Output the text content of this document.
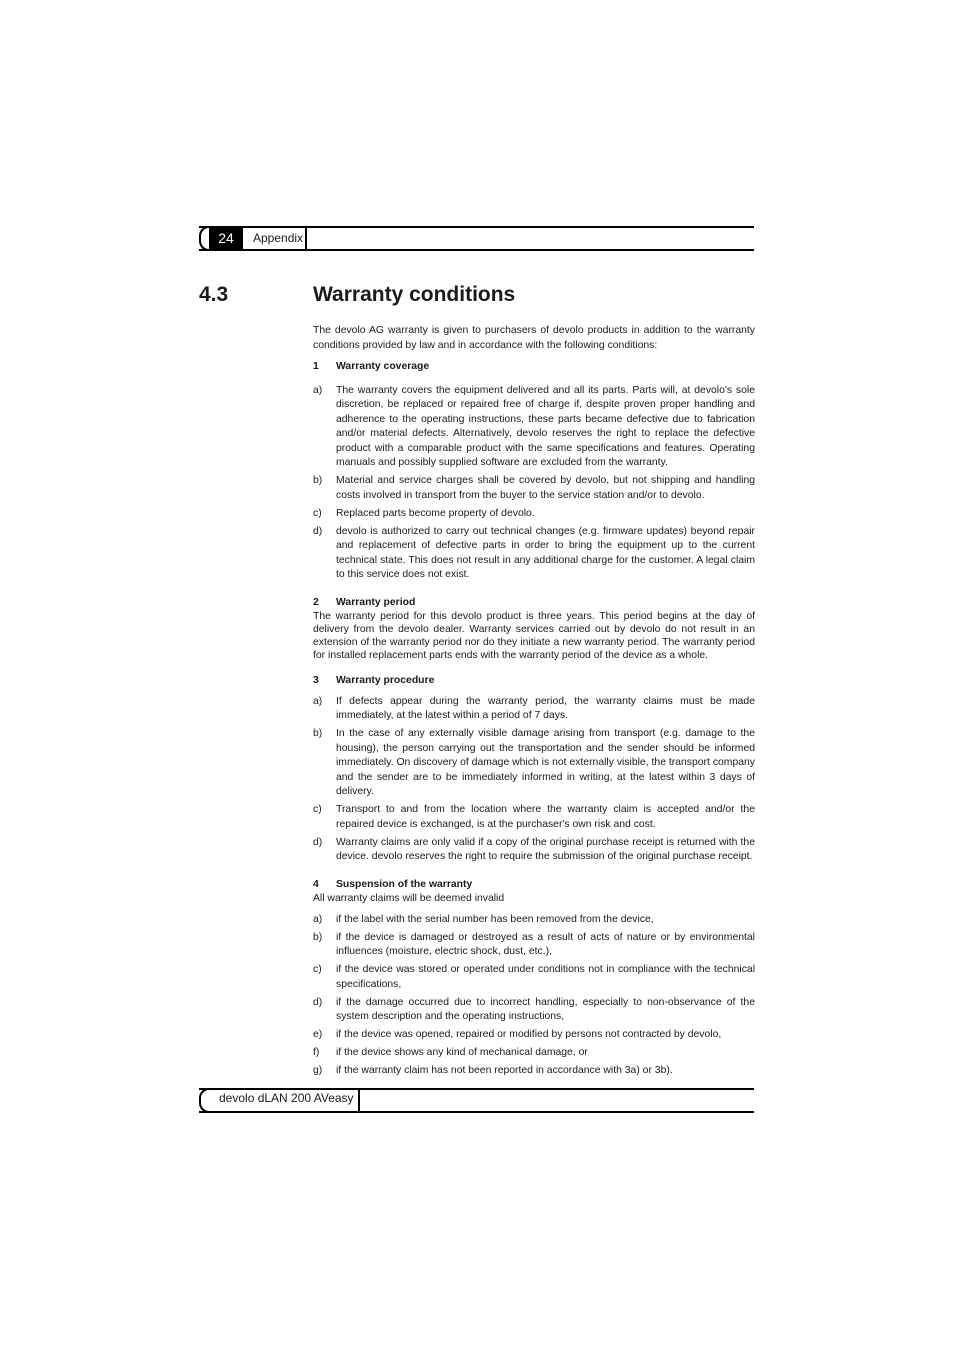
24	Appendix
4.3	Warranty conditions

The devolo AG warranty is given to purchasers of devolo products in addition to the warranty conditions provided by law and in accordance with the following conditions:

1	Warranty coverage
a)	The warranty covers the equipment delivered and all its parts. Parts will, at devolo's sole discretion, be replaced or repaired free of charge if, despite proven proper handling and adherence to the operating instructions, these parts became defective due to fabrication and/or material defects. Alternatively, devolo reserves the right to replace the defective product with a comparable product with the same specifications and features. Operating manuals and possibly supplied software are excluded from the warranty.
b)	Material and service charges shall be covered by devolo, but not shipping and handling costs involved in transport from the buyer to the service station and/or to devolo.
c)	Replaced parts become property of devolo.
d)	devolo is authorized to carry out technical changes (e.g. firmware updates) beyond repair and replacement of defective parts in order to bring the equipment up to the current technical state. This does not result in any additional charge for the customer. A legal claim to this service does not exist.
2	Warranty period

The warranty period for this devolo product is three years. This period begins at the day of delivery from the devolo dealer. Warranty services carried out by devolo do not result in an extension of the warranty period nor do they initiate a new warranty period. The warranty period for installed replacement parts ends with the warranty period of the device as a whole.

3	Warranty procedure
a)	If defects appear during the warranty period, the warranty claims must be made immediately, at the latest within a period of 7 days.
b)	In the case of any externally visible damage arising from transport (e.g. damage to the housing), the person carrying out the transportation and the sender should be informed immediately. On discovery of damage which is not externally visible, the transport company and the sender are to be immediately informed in writing, at the latest within 3 days of delivery.
c)	Transport to and from the location where the warranty claim is accepted and/or the repaired device is exchanged, is at the purchaser's own risk and cost.
d)	Warranty claims are only valid if a copy of the original purchase receipt is returned with the device. devolo reserves the right to require the submission of the original purchase receipt.
4	Suspension of the warranty

All warranty claims will be deemed invalid

a)	if the label with the serial number has been removed from the device,
b)	if the device is damaged or destroyed as a result of acts of nature or by environmental influences (moisture, electric shock, dust, etc.),
c)	if the device was stored or operated under conditions not in compliance with the technical specifications,
d)	if the damage occurred due to incorrect handling, especially to non-observance of the system description and the operating instructions,
e)	if the device was opened, repaired or modified by persons not contracted by devolo,
f)	if the device shows any kind of mechanical damage, or
g)	if the warranty claim has not been reported in accordance with 3a) or 3b).
devolo dLAN 200 AVeasy
